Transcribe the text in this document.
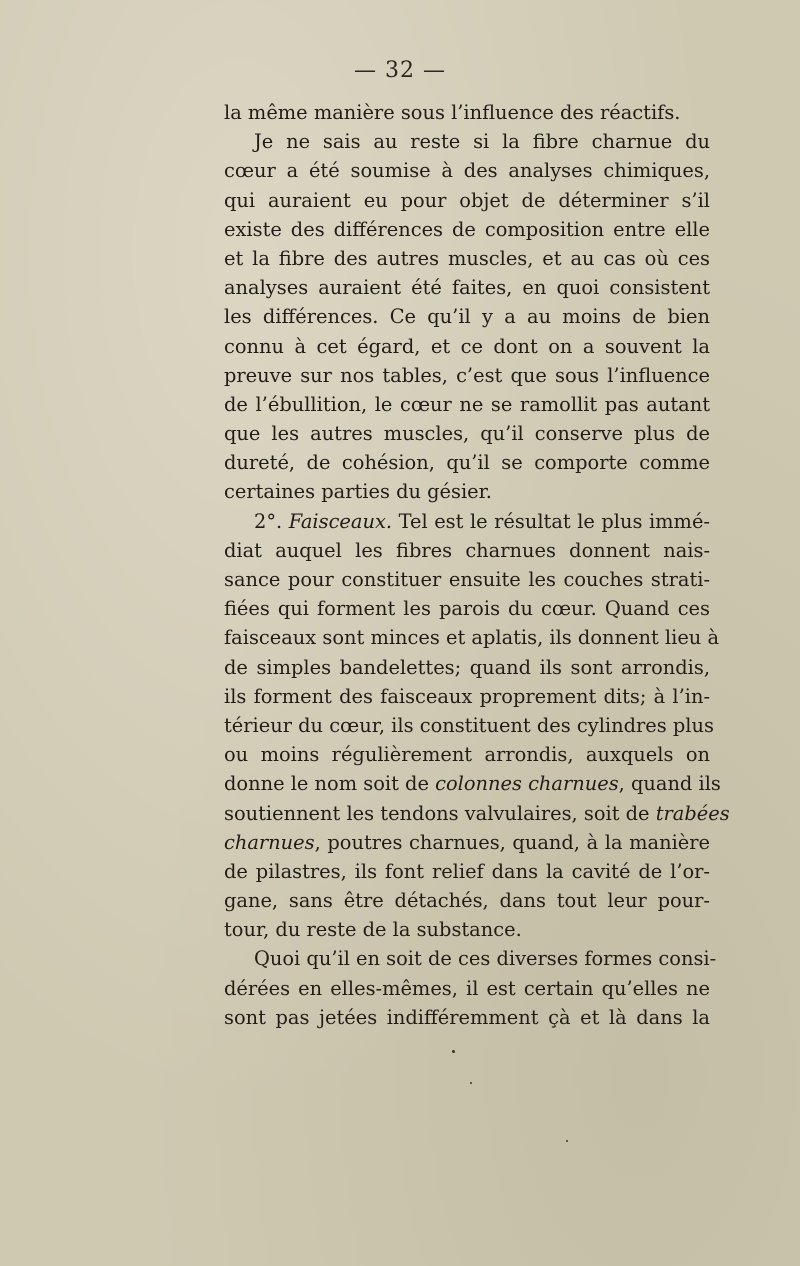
— 32 —
la même manière sous l’influence des réactifs.
Je ne sais au reste si la fibre charnue du
cœur a été soumise à des analyses chimiques,
qui auraient eu pour objet de déterminer s’il
existe des différences de composition entre elle
et la fibre des autres muscles, et au cas où ces
analyses auraient été faites, en quoi consistent
les différences. Ce qu’il y a au moins de bien
connu à cet égard, et ce dont on a souvent la
preuve sur nos tables, c’est que sous l’influence
de l’ébullition, le cœur ne se ramollit pas autant
que les autres muscles, qu’il conserve plus de
dureté, de cohésion, qu’il se comporte comme
certaines parties du gésier.
2°. Faisceaux. Tel est le résultat le plus immé-
diat auquel les fibres charnues donnent nais-
sance pour constituer ensuite les couches strati-
fiées qui forment les parois du cœur. Quand ces
faisceaux sont minces et aplatis, ils donnent lieu à
de simples bandelettes; quand ils sont arrondis,
ils forment des faisceaux proprement dits; à l’in-
térieur du cœur, ils constituent des cylindres plus
ou moins régulièrement arrondis, auxquels on
donne le nom soit de colonnes charnues, quand ils
soutiennent les tendons valvulaires, soit de trabées
charnues, poutres charnues, quand, à la manière
de pilastres, ils font relief dans la cavité de l’or-
gane, sans être détachés, dans tout leur pour-
tour, du reste de la substance.
Quoi qu’il en soit de ces diverses formes consi-
dérées en elles-mêmes, il est certain qu’elles ne
sont pas jetées indifféremment çà et là dans la
